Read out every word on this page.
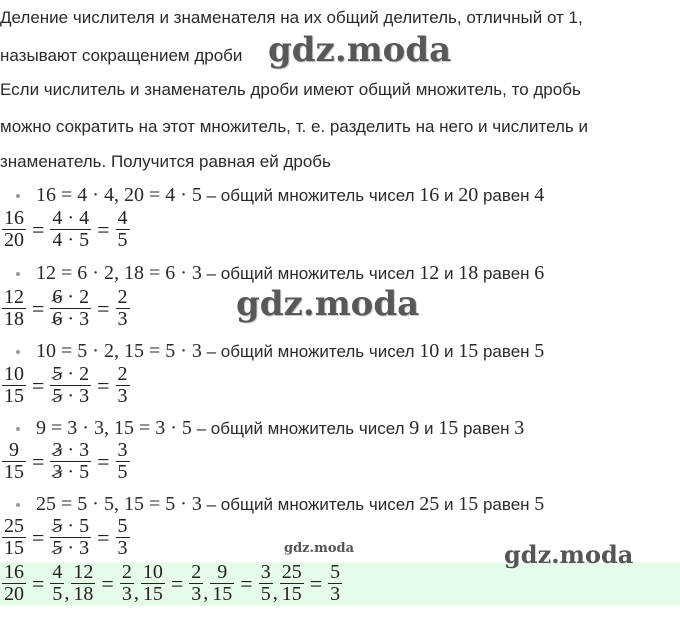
Деление числителя и знаменателя на их общий делитель, отличный от 1,
называют сокращением дроби
Если числитель и знаменатель дроби имеют общий множитель, то дробь
можно сократить на этот множитель, т. е. разделить на него и числитель и
знаменатель. Получится равная ей дробь
16 = 4 · 4, 20 = 4 · 5 – общий множитель чисел 16 и 20 равен 4
$\frac{16}{20} = \frac{4 \cdot 4}{4 \cdot 5} = \frac{4}{5}$
12 = 6 · 2, 18 = 6 · 3 – общий множитель чисел 12 и 18 равен 6
$\frac{12}{18} = \frac{6 \cdot 2}{6 \cdot 3} = \frac{2}{3}$
10 = 5 · 2, 15 = 5 · 3 – общий множитель чисел 10 и 15 равен 5
$\frac{10}{15} = \frac{5 \cdot 2}{5 \cdot 3} = \frac{2}{3}$
9 = 3 · 3, 15 = 3 · 5 – общий множитель чисел 9 и 15 равен 3
$\frac{9}{15} = \frac{3 \cdot 3}{3 \cdot 5} = \frac{3}{5}$
25 = 5 · 5, 15 = 5 · 3 – общий множитель чисел 25 и 15 равен 5
$\frac{25}{15} = \frac{5 \cdot 5}{5 \cdot 3} = \frac{5}{3}$
$\frac{16}{20} = \frac{4}{5}$ , $\frac{12}{18} = \frac{2}{3}$ , $\frac{10}{15} = \frac{2}{3}$ , $\frac{9}{15} = \frac{3}{5}$ , $\frac{25}{15} = \frac{5}{3}$
gdz.moda
gdz.moda
gdz.moda	gdz.moda
